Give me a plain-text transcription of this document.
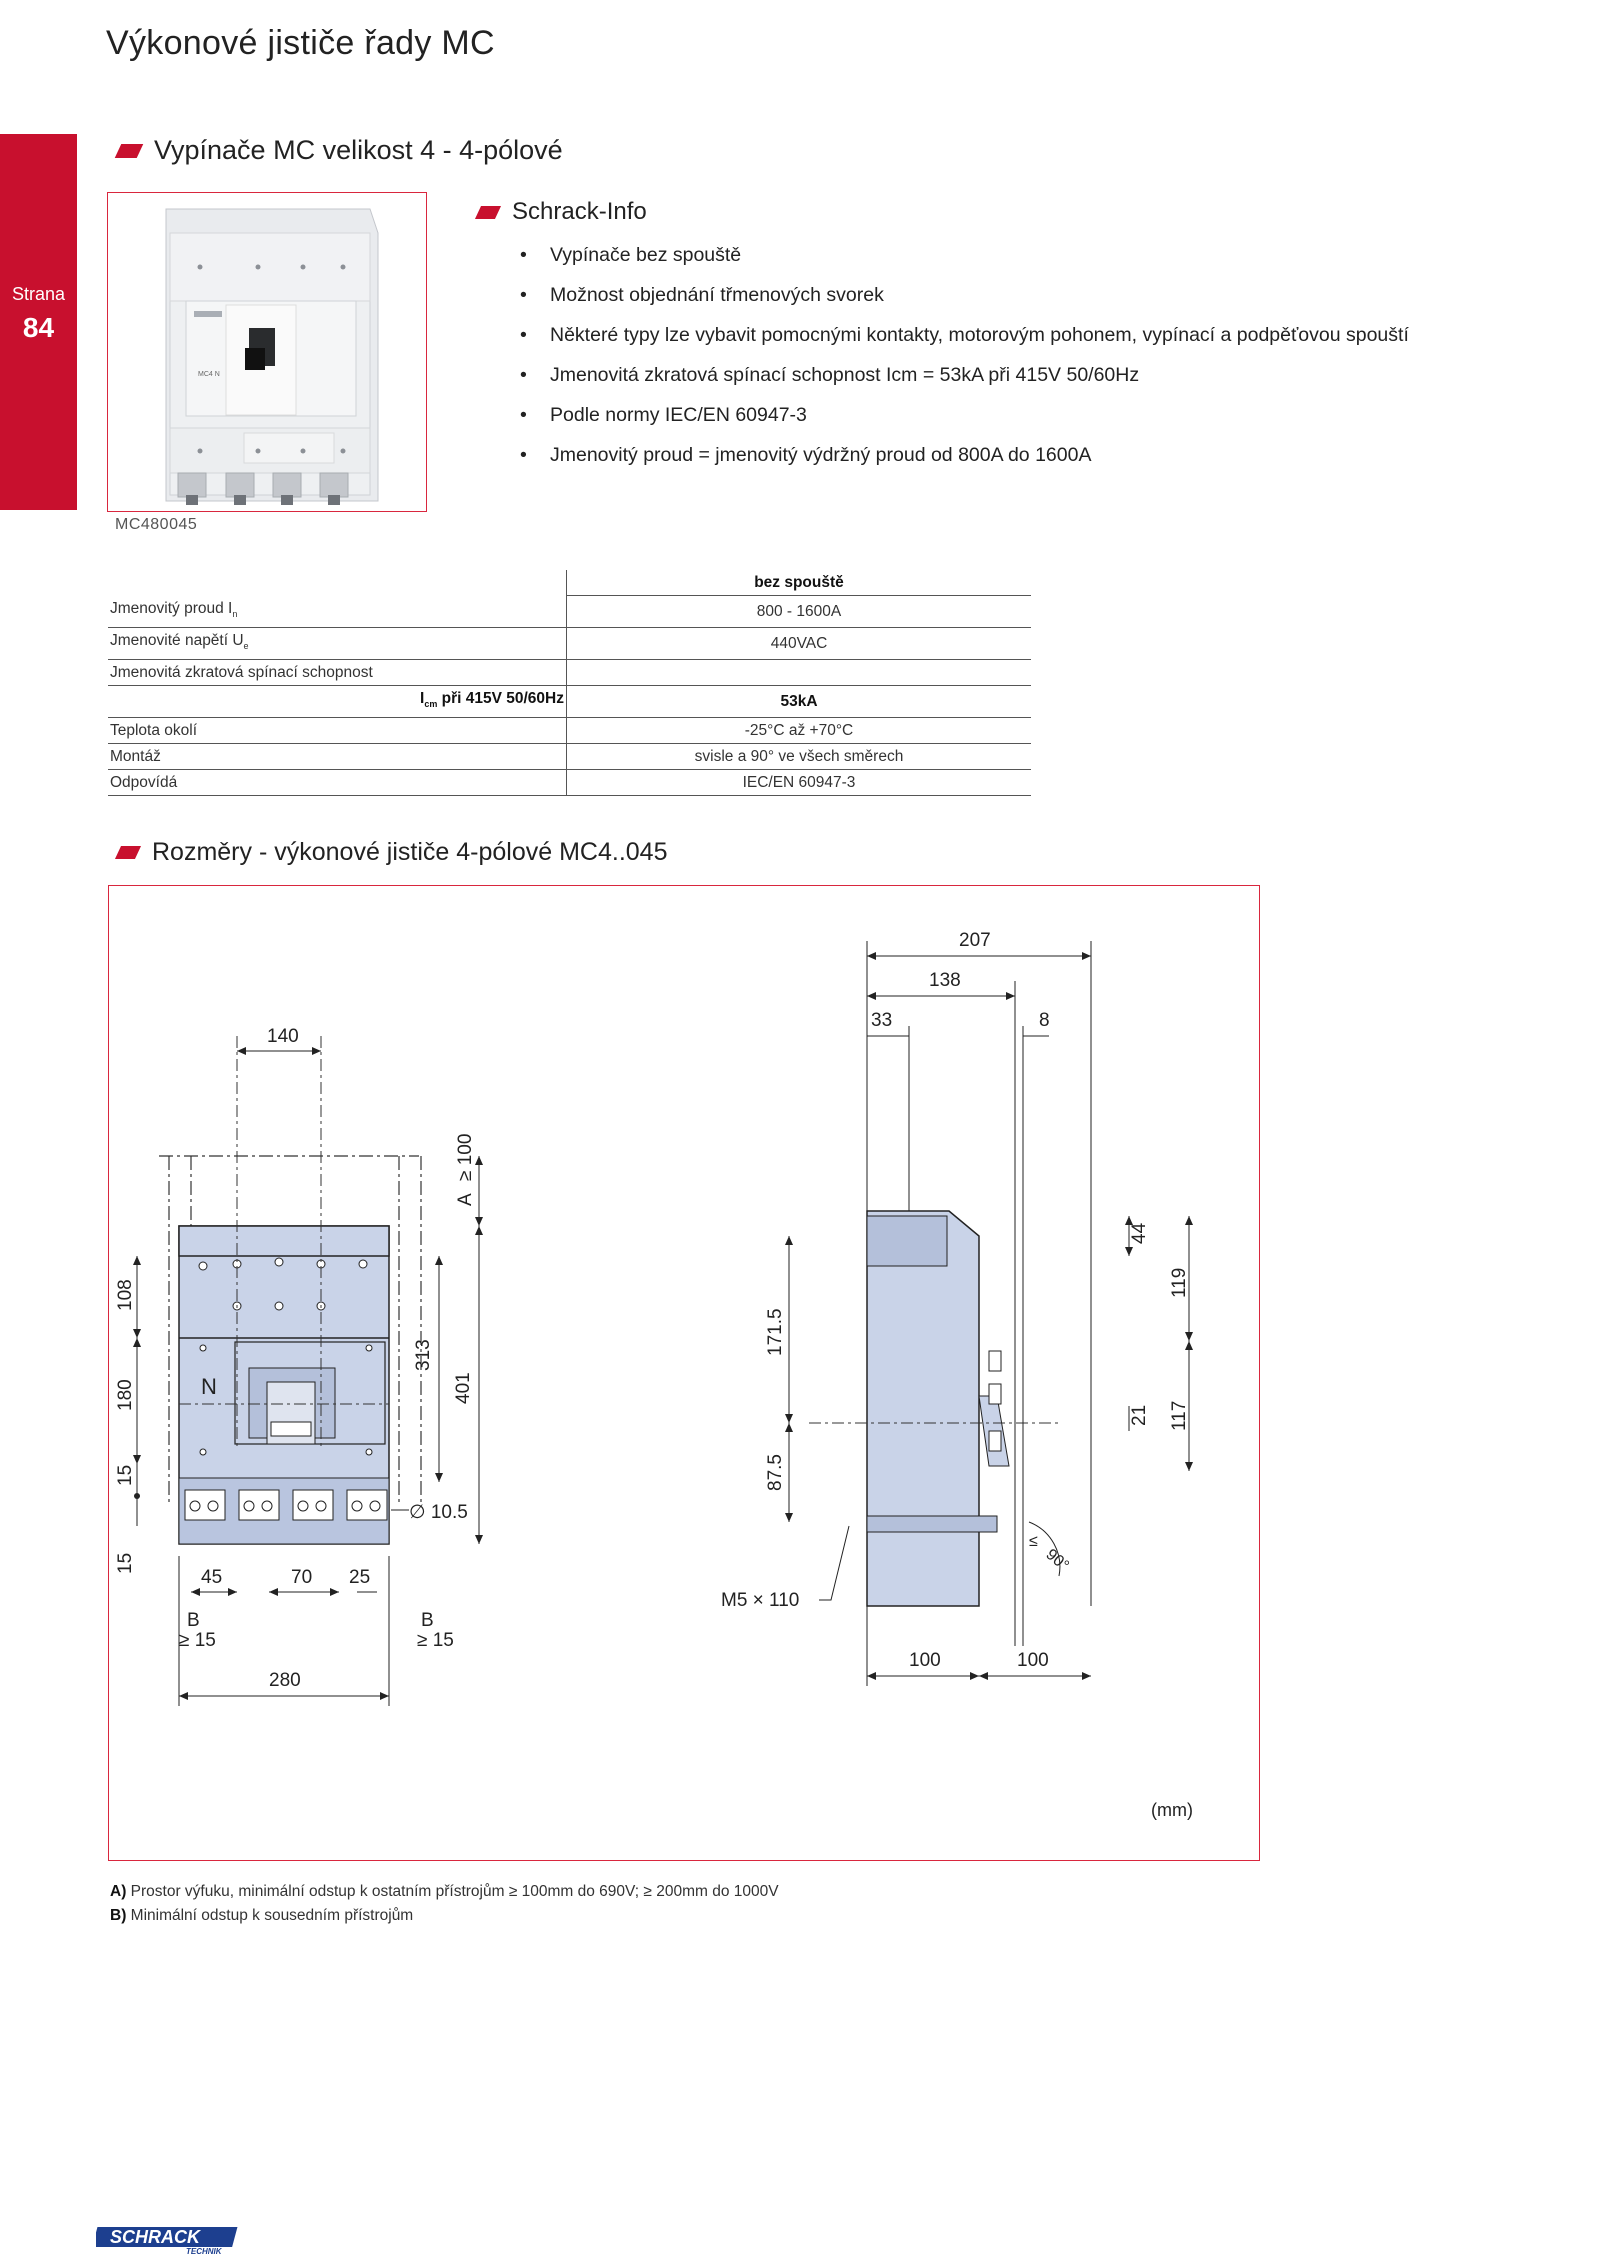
Výkonové jističe řady MC
Strana
84
Vypínače MC velikost 4 - 4-pólové
MC4 N
MC480045
Schrack-Info
• Vypínače bez spouště
• Možnost objednání třmenových svorek
• Některé typy lze vybavit pomocnými kontakty, motorovým pohonem, vypínací a podpěťovou spouští
• Jmenovitá zkratová spínací schopnost Icm = 53kA při 415V 50/60Hz
• Podle normy IEC/EN 60947-3
• Jmenovitý proud = jmenovitý výdržný proud od 800A do 1600A
	bez spouště
Jmenovitý proud $I_n$	800 - 1600A
Jmenovité napětí $U_e$	440VAC
Jmenovitá zkratová spínací schopnost	
$I_{cm}$ při 415V 50/60Hz	53kA
Teplota okolí	-25°C až +70°C
Montáž	svisle a 90° ve všech směrech
Odpovídá	IEC/EN 60947-3
Rozměry - výkonové jističe 4-pólové MC4..045
N
140
A
≥ 100
401
313
108
180
15
15
∅ 10.5
45	70 25
B
≥ 15
B
≥ 15
280
207
138
33	8
44
119
21 117
171.5
87.5
M5 × 110
90°
≤
100	100
(mm)
A) Prostor výfuku, minimální odstup k ostatním přístrojům ≥ 100mm do 690V; ≥ 200mm do 1000V
B) Minimální odstup k sousedním přístrojům
SCHRACK
TECHNIK
